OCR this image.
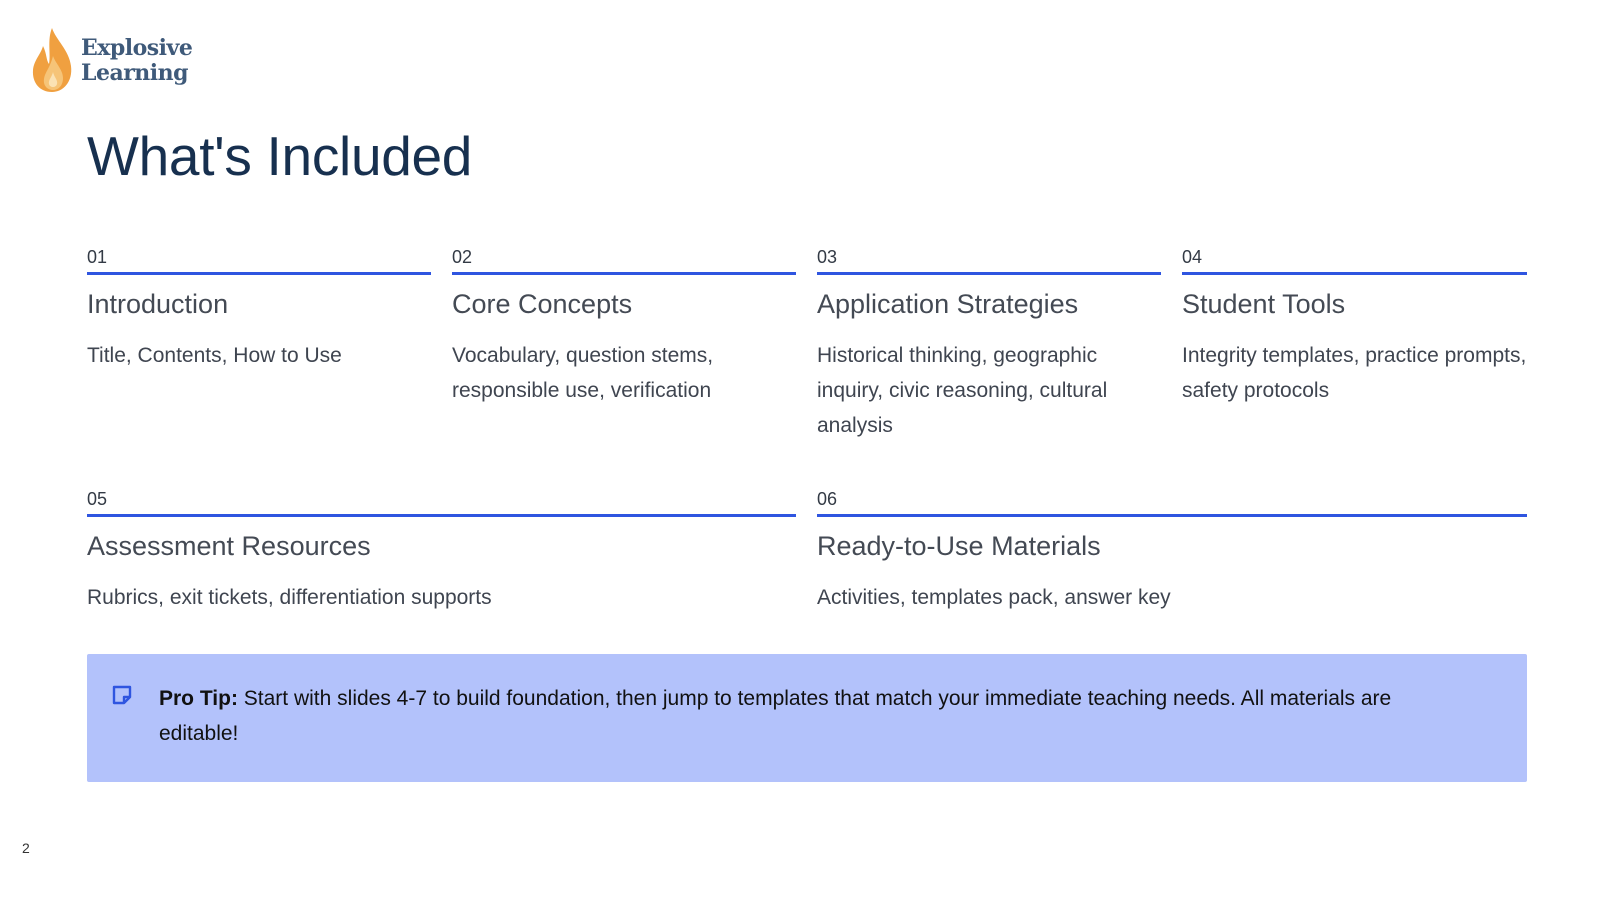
Explosive
Learning
What's Included
01
Introduction
Title, Contents, How to Use
02
Core Concepts
Vocabulary, question stems, responsible use, verification
03
Application Strategies
Historical thinking, geographic inquiry, civic reasoning, cultural analysis
04
Student Tools
Integrity templates, practice prompts, safety protocols
05
Assessment Resources
Rubrics, exit tickets, differentiation supports
06
Ready-to-Use Materials
Activities, templates pack, answer key
Pro Tip: Start with slides 4-7 to build foundation, then jump to templates that match your immediate teaching needs. All materials are editable!
2
